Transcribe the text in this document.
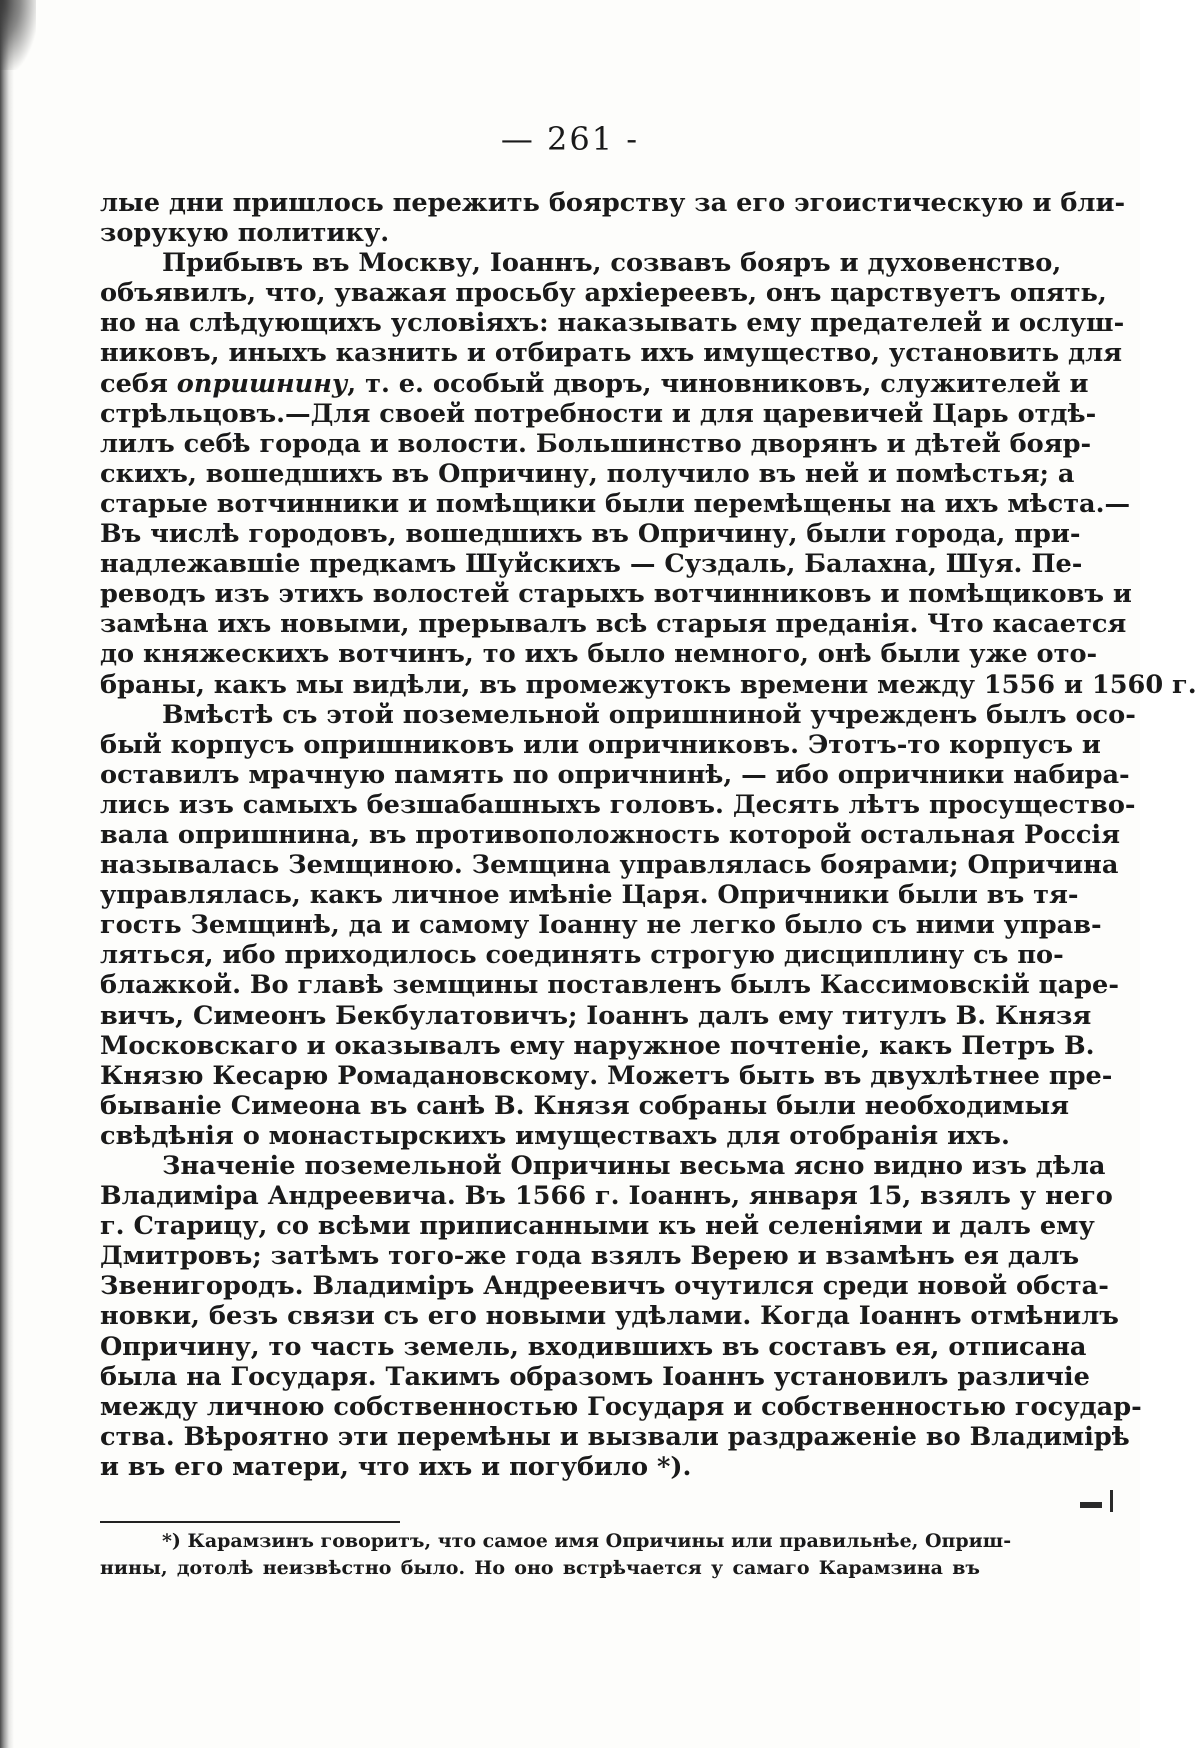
— 261 -
лые дни пришлось пережить боярству за его эгоистическую и бли-
зорукую политику.
Прибывъ въ Москву, Іоаннъ, созвавъ бояръ и духовенство,
объявилъ, что, уважая просьбу архіереевъ, онъ царствуетъ опять,
но на слѣдующихъ условіяхъ: наказывать ему предателей и ослуш-
никовъ, иныхъ казнить и отбирать ихъ имущество, установить для
себя опришнину, т. е. особый дворъ, чиновниковъ, служителей и
стрѣльцовъ.—Для своей потребности и для царевичей Царь отдѣ-
лилъ себѣ города и волости. Большинство дворянъ и дѣтей бояр-
скихъ, вошедшихъ въ Опричину, получило въ ней и помѣстья; а
старые вотчинники и помѣщики были перемѣщены на ихъ мѣста.—
Въ числѣ городовъ, вошедшихъ въ Опричину, были города, при-
надлежавшіе предкамъ Шуйскихъ — Суздаль, Балахна, Шуя. Пе-
реводъ изъ этихъ волостей старыхъ вотчинниковъ и помѣщиковъ и
замѣна ихъ новыми, прерывалъ всѣ старыя преданія. Что касается
до княжескихъ вотчинъ, то ихъ было немного, онѣ были уже ото-
браны, какъ мы видѣли, въ промежутокъ времени между 1556 и 1560 г.
Вмѣстѣ съ этой поземельной опришниной учрежденъ былъ осо-
бый корпусъ опришниковъ или опричниковъ. Этотъ-то корпусъ и
оставилъ мрачную память по опричнинѣ, — ибо опричники набира-
лись изъ самыхъ безшабашныхъ головъ. Десять лѣтъ просущество-
вала опришнина, въ противоположность которой остальная Россія
называлась Земщиною. Земщина управлялась боярами; Опричина
управлялась, какъ личное имѣніе Царя. Опричники были въ тя-
гость Земщинѣ, да и самому Іоанну не легко было съ ними управ-
ляться, ибо приходилось соединять строгую дисциплину съ по-
блажкой. Во главѣ земщины поставленъ былъ Кассимовскій царе-
вичъ, Симеонъ Бекбулатовичъ; Іоаннъ далъ ему титулъ В. Князя
Московскаго и оказывалъ ему наружное почтеніе, какъ Петръ В.
Князю Кесарю Ромадановскому. Можетъ быть въ двухлѣтнее пре-
бываніе Симеона въ санѣ В. Князя собраны были необходимыя
свѣдѣнія о монастырскихъ имуществахъ для отобранія ихъ.
Значеніе поземельной Опричины весьма ясно видно изъ дѣла
Владиміра Андреевича. Въ 1566 г. Іоаннъ, января 15, взялъ у него
г. Старицу, со всѣми приписанными къ ней селеніями и далъ ему
Дмитровъ; затѣмъ того-же года взялъ Верею и взамѣнъ ея далъ
Звенигородъ. Владиміръ Андреевичъ очутился среди новой обста-
новки, безъ связи съ его новыми удѣлами. Когда Іоаннъ отмѣнилъ
Опричину, то часть земель, входившихъ въ составъ ея, отписана
была на Государя. Такимъ образомъ Іоаннъ установилъ различіе
между личною собственностью Государя и собственностью государ-
ства. Вѣроятно эти перемѣны и вызвали раздраженіе во Владимірѣ
и въ его матери, что ихъ и погубило *).
*) Карамзинъ говоритъ, что самое имя Опричины или правильнѣе, Оприш-
нины, дотолѣ неизвѣстно было. Но оно встрѣчается у самаго Карамзина въ
